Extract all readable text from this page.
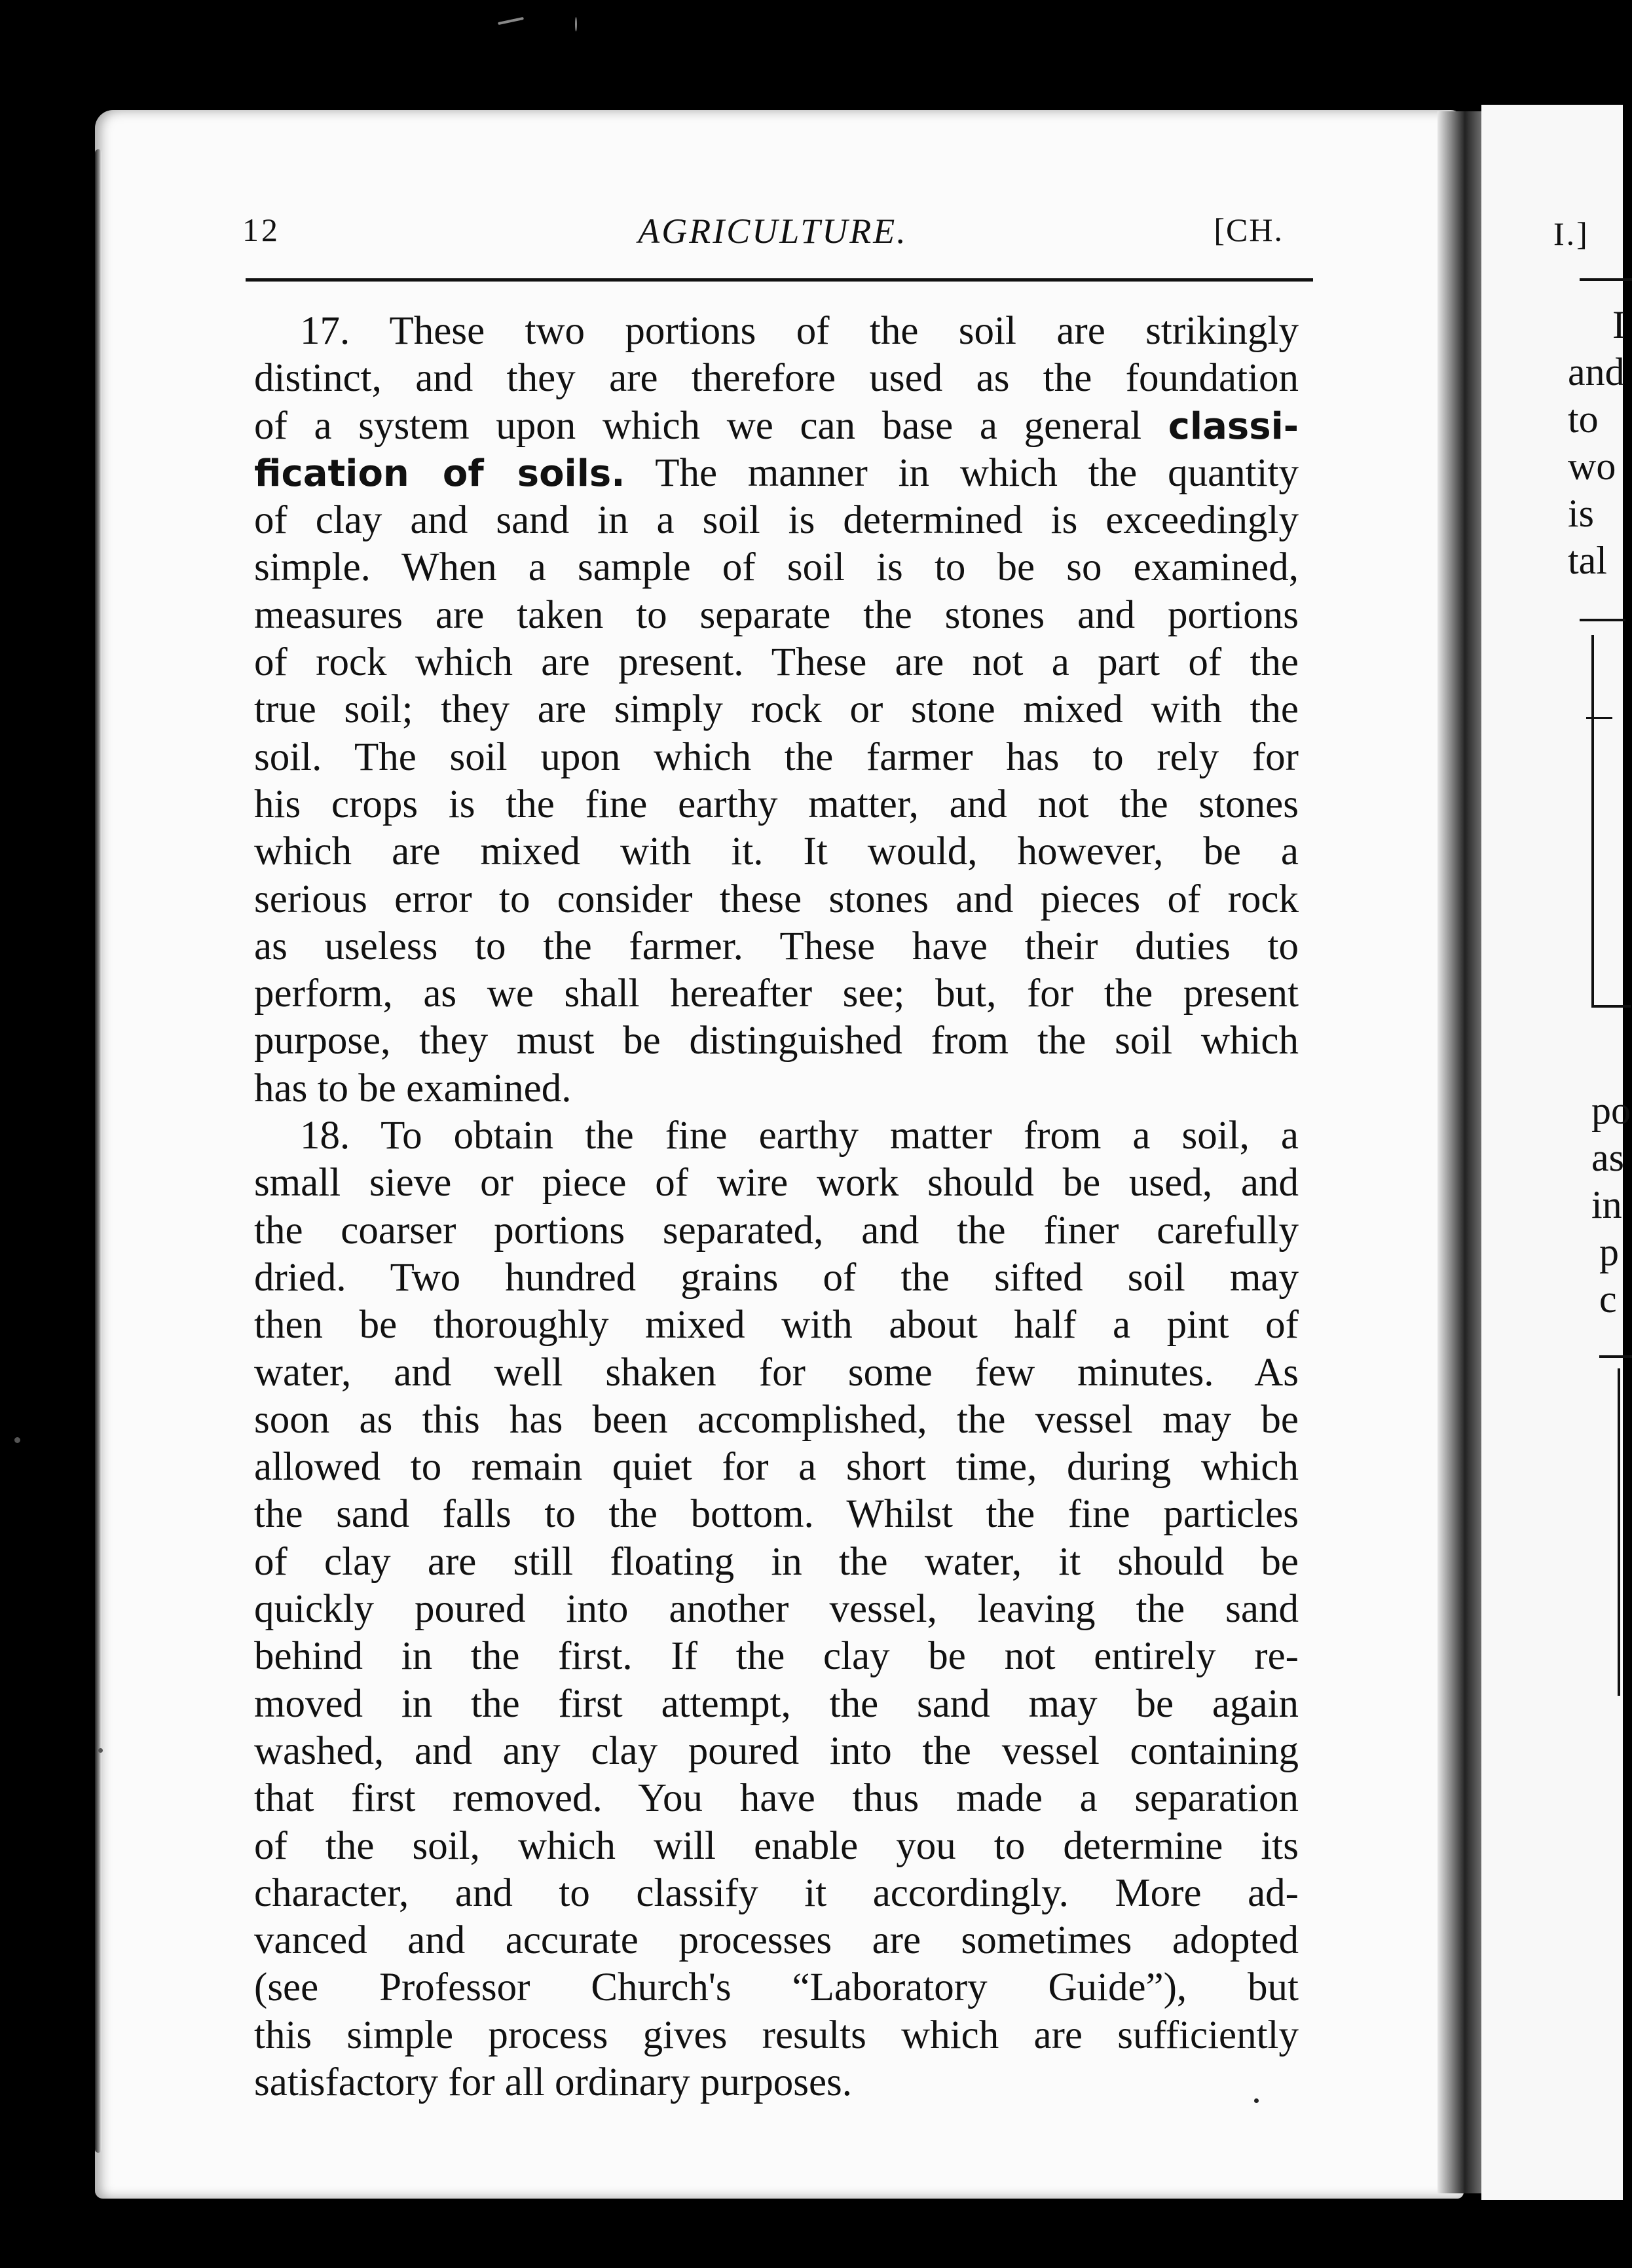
12	AGRICULTURE.	[CH.
17. These two portions of the soil are strikingly
distinct, and they are therefore used as the foundation
of a system upon which we can base a general classi-
fication of soils. The manner in which the quantity
of clay and sand in a soil is determined is exceedingly
simple. When a sample of soil is to be so examined,
measures are taken to separate the stones and portions
of rock which are present. These are not a part of the
true soil; they are simply rock or stone mixed with the
soil. The soil upon which the farmer has to rely for
his crops is the fine earthy matter, and not the stones
which are mixed with it. It would, however, be a
serious error to consider these stones and pieces of rock
as useless to the farmer. These have their duties to
perform, as we shall hereafter see; but, for the present
purpose, they must be distinguished from the soil which
has to be examined.
18. To obtain the fine earthy matter from a soil, a
small sieve or piece of wire work should be used, and
the coarser portions separated, and the finer carefully
dried. Two hundred grains of the sifted soil may
then be thoroughly mixed with about half a pint of
water, and well shaken for some few minutes. As
soon as this has been accomplished, the vessel may be
allowed to remain quiet for a short time, during which
the sand falls to the bottom. Whilst the fine particles
of clay are still floating in the water, it should be
quickly poured into another vessel, leaving the sand
behind in the first. If the clay be not entirely re-
moved in the first attempt, the sand may be again
washed, and any clay poured into the vessel containing
that first removed. You have thus made a separation
of the soil, which will enable you to determine its
character, and to classify it accordingly. More ad-
vanced and accurate processes are sometimes adopted
(see Professor Church's “Laboratory Guide”), but
this simple process gives results which are sufficiently
satisfactory for all ordinary purposes.
I.]
I
and
to
wo
is
tal
po
as
in
p
c
